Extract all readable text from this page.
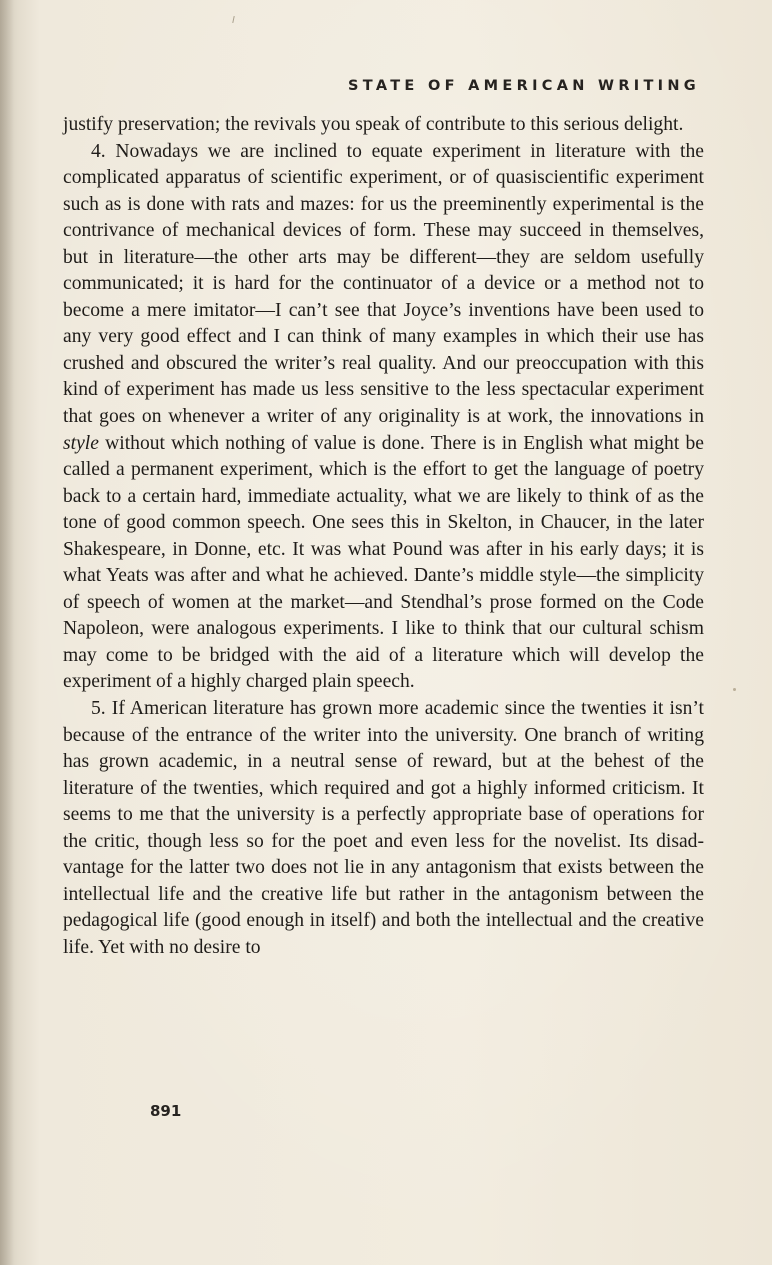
STATE OF AMERICAN WRITING

justify preservation; the revivals you speak of contribute to this serious delight.

4. Nowadays we are inclined to equate experiment in literature with the complicated apparatus of scientific experiment, or of quasiscientific experiment such as is done with rats and mazes: for us the preeminently experimental is the contrivance of mechanical devices of form. These may succeed in themselves, but in literature—the other arts may be different—they are seldom usefully communicated; it is hard for the continuator of a device or a method not to become a mere imitator—I can’t see that Joyce’s inventions have been used to any very good effect and I can think of many examples in which their use has crushed and obscured the writer’s real quality. And our preoccupation with this kind of experiment has made us less sensitive to the less spectacular experiment that goes on whenever a writer of any originality is at work, the innovations in style without which nothing of value is done. There is in English what might be called a permanent experiment, which is the effort to get the language of poetry back to a certain hard, immediate actuality, what we are likely to think of as the tone of good common speech. One sees this in Skelton, in Chaucer, in the later Shakespeare, in Donne, etc. It was what Pound was after in his early days; it is what Yeats was after and what he achieved. Dante’s middle style—the simplicity of speech of women at the market—and Stendhal’s prose formed on the Code Napoleon, were analogous experiments. I like to think that our cultural schism may come to be bridged with the aid of a literature which will develop the experiment of a highly charged plain speech.

5. If American literature has grown more academic since the twenties it isn’t because of the entrance of the writer into the university. One branch of writing has grown academic, in a neutral sense of reward, but at the behest of the literature of the twenties, which required and got a highly informed criticism. It seems to me that the university is a perfectly appropriate base of operations for the critic, though less so for the poet and even less for the novelist. Its disadvantage for the latter two does not lie in any antagonism that exists between the intellectual life and the creative life but rather in the antagonism between the pedagogical life (good enough in itself) and both the intellectual and the creative life. Yet with no desire to

891
